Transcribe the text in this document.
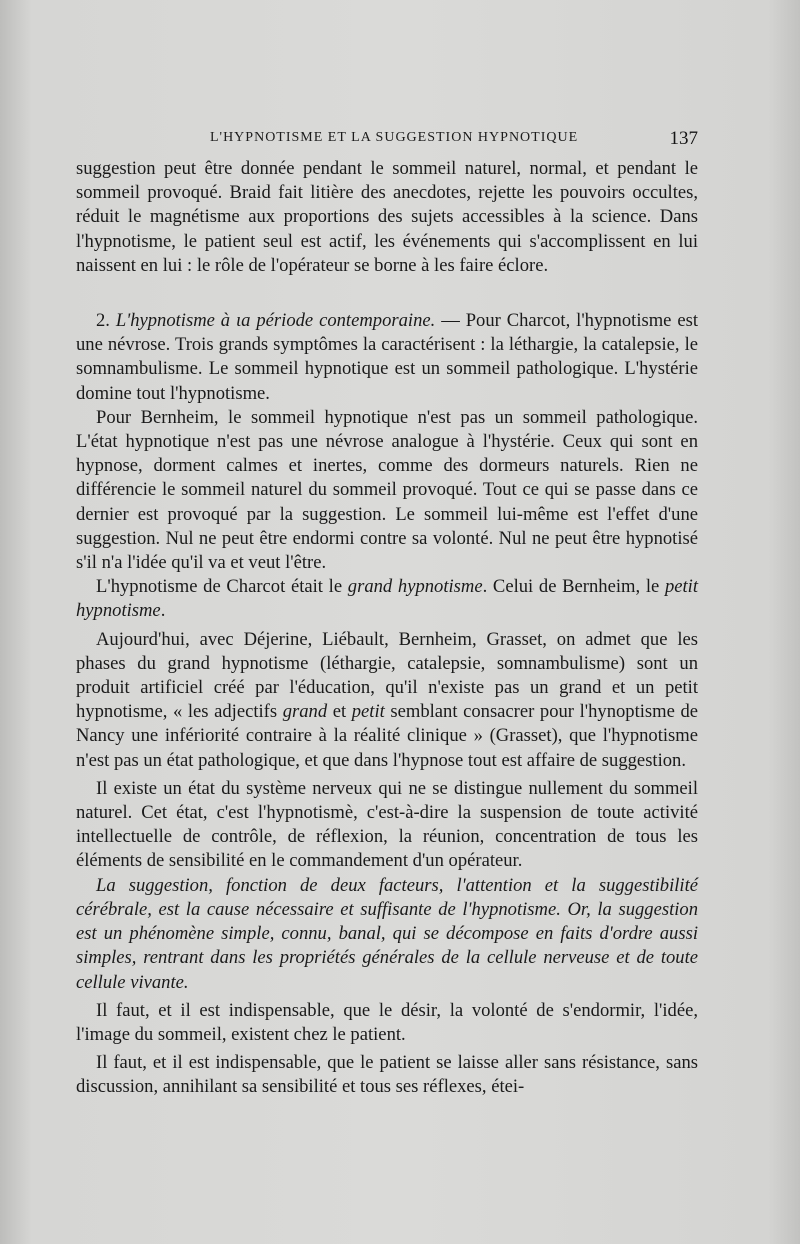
L'HYPNOTISME ET LA SUGGESTION HYPNOTIQUE	137

suggestion peut être donnée pendant le sommeil naturel, normal, et pendant le sommeil provoqué. Braid fait litière des anecdotes, rejette les pouvoirs occultes, réduit le magnétisme aux proportions des sujets accessibles à la science. Dans l'hypnotisme, le patient seul est actif, les événements qui s'accomplissent en lui naissent en lui : le rôle de l'opérateur se borne à les faire éclore.

2. L'hypnotisme à ιa période contemporaine. — Pour Charcot, l'hypnotisme est une névrose. Trois grands symptômes la caractérisent : la léthargie, la catalepsie, le somnambulisme. Le sommeil hypnotique est un sommeil pathologique. L'hystérie domine tout l'hypnotisme.

Pour Bernheim, le sommeil hypnotique n'est pas un sommeil pathologique. L'état hypnotique n'est pas une névrose analogue à l'hystérie. Ceux qui sont en hypnose, dorment calmes et inertes, comme des dormeurs naturels. Rien ne différencie le sommeil naturel du sommeil provoqué. Tout ce qui se passe dans ce dernier est provoqué par la suggestion. Le sommeil lui-même est l'effet d'une suggestion. Nul ne peut être endormi contre sa volonté. Nul ne peut être hypnotisé s'il n'a l'idée qu'il va et veut l'être.

L'hypnotisme de Charcot était le grand hypnotisme. Celui de Bernheim, le petit hypnotisme.

Aujourd'hui, avec Déjerine, Liébault, Bernheim, Grasset, on admet que les phases du grand hypnotisme (léthargie, catalepsie, somnambulisme) sont un produit artificiel créé par l'éducation, qu'il n'existe pas un grand et un petit hypnotisme, « les adjectifs grand et petit semblant consacrer pour l'hynoptisme de Nancy une infériorité contraire à la réalité clinique » (Grasset), que l'hypnotisme n'est pas un état pathologique, et que dans l'hypnose tout est affaire de suggestion.

Il existe un état du système nerveux qui ne se distingue nullement du sommeil naturel. Cet état, c'est l'hypnotismè, c'est-à-dire la suspension de toute activité intellectuelle de contrôle, de réflexion, la réunion, concentration de tous les éléments de sensibilité en le commandement d'un opérateur.

La suggestion, fonction de deux facteurs, l'attention et la suggestibilité cérébrale, est la cause nécessaire et suffisante de l'hypnotisme. Or, la suggestion est un phénomène simple, connu, banal, qui se décompose en faits d'ordre aussi simples, rentrant dans les propriétés générales de la cellule nerveuse et de toute cellule vivante.

Il faut, et il est indispensable, que le désir, la volonté de s'endormir, l'idée, l'image du sommeil, existent chez le patient.

Il faut, et il est indispensable, que le patient se laisse aller sans résistance, sans discussion, annihilant sa sensibilité et tous ses réflexes, étei-
